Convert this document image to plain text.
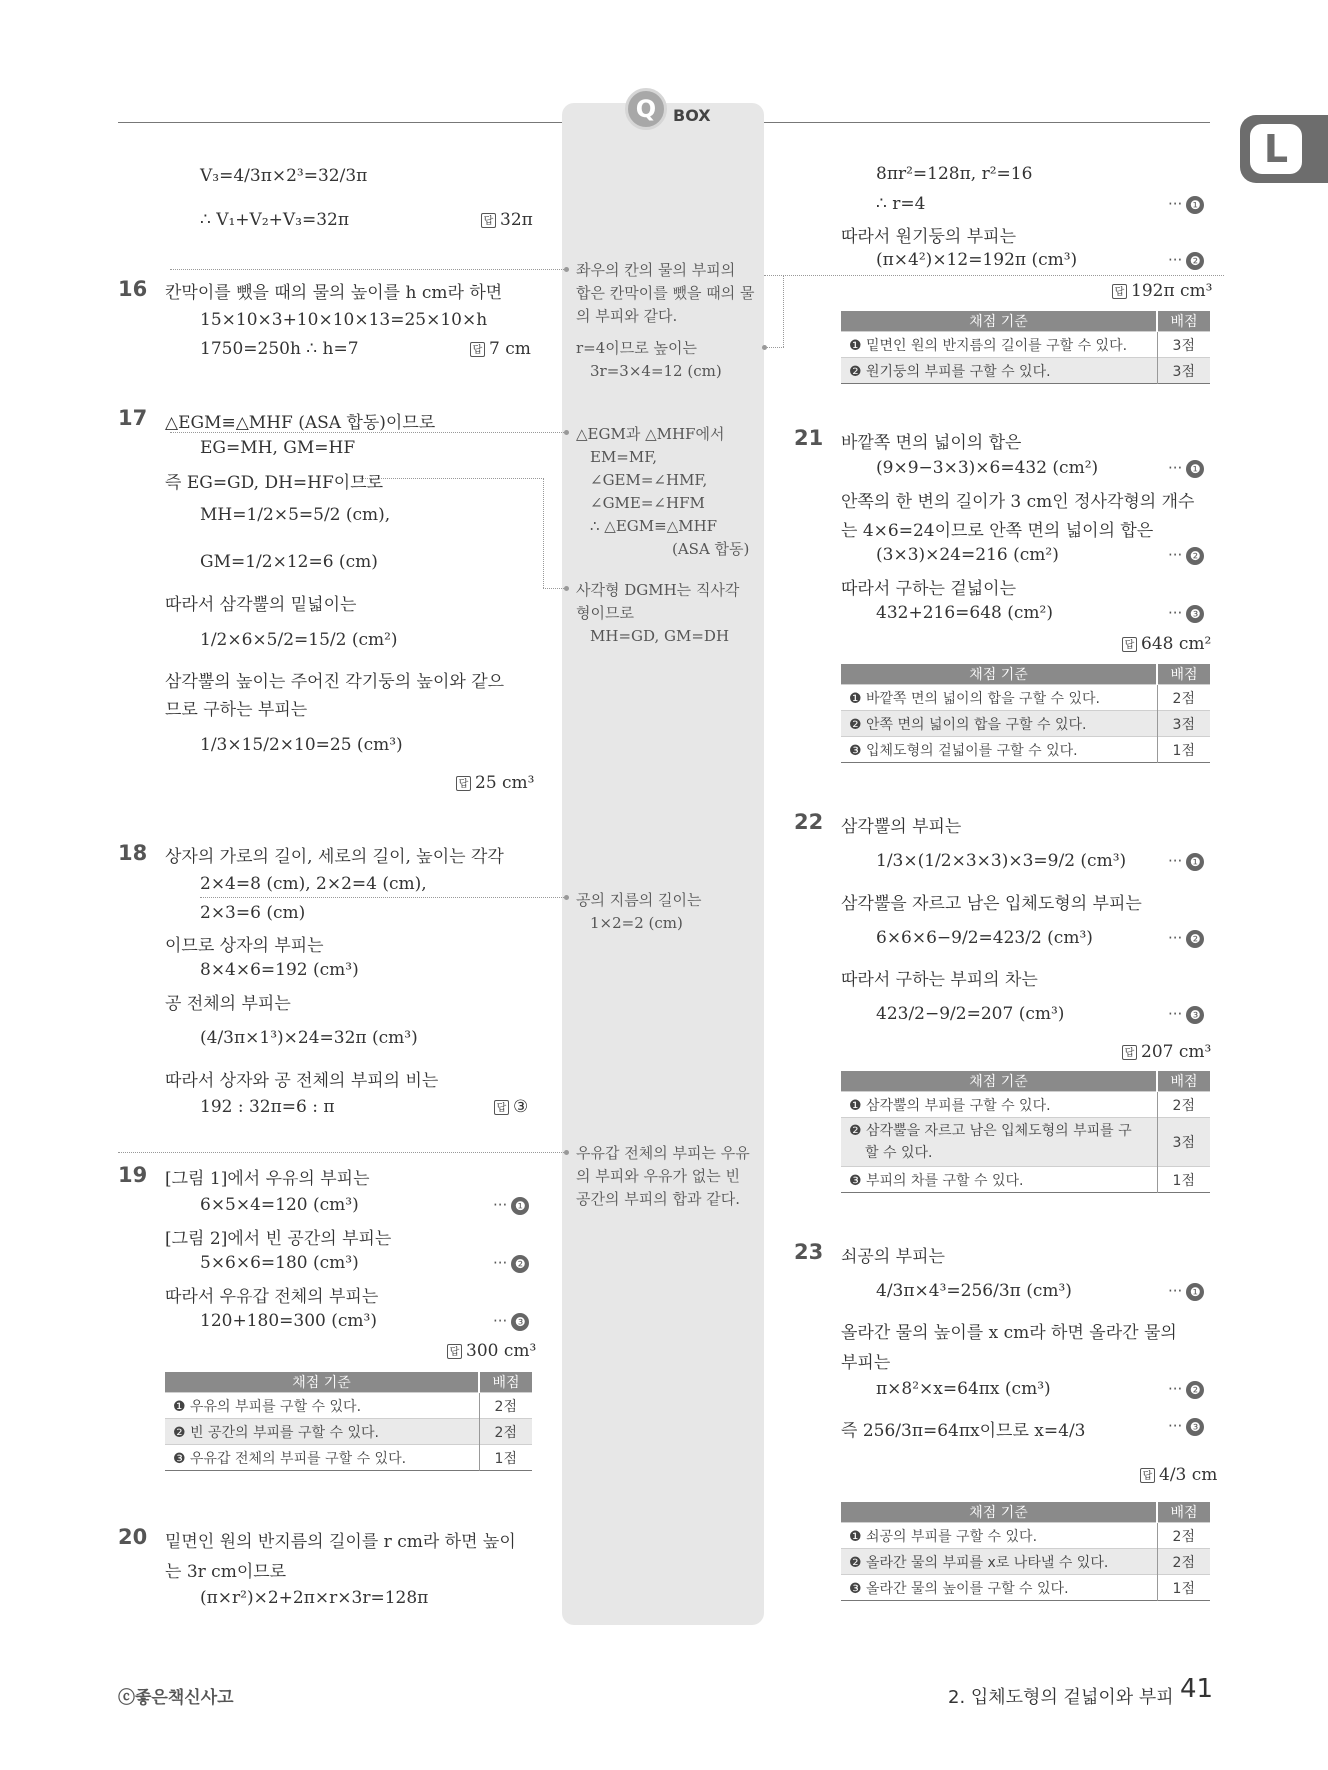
Q	BOX
L
V₃=4/3π×2³=32/3π
∴ V₁+V₂+V₃=32π	답 32π
16 칸막이를 뺐을 때의 물의 높이를 h cm라 하면
15×10×3+10×10×13=25×10×h
1750=250h ∴ h=7	답 7 cm
17 △EGM≡△MHF (ASA 합동)이므로
EG=MH, GM=HF
즉 EG=GD, DH=HF이므로
MH=1/2×5=5/2 (cm),
GM=1/2×12=6 (cm)
따라서 삼각뿔의 밑넓이는
1/2×6×5/2=15/2 (cm²)
삼각뿔의 높이는 주어진 각기둥의 높이와 같으
므로 구하는 부피는
1/3×15/2×10=25 (cm³)
답 25 cm³
18 상자의 가로의 길이, 세로의 길이, 높이는 각각
2×4=8 (cm), 2×2=4 (cm),
2×3=6 (cm)
이므로 상자의 부피는
8×4×6=192 (cm³)
공 전체의 부피는
(4/3π×1³)×24=32π (cm³)
따라서 상자와 공 전체의 부피의 비는
192 : 32π=6 : π	답 ③
19 [그림 1]에서 우유의 부피는
6×5×4=120 (cm³)	··· ❶
[그림 2]에서 빈 공간의 부피는
5×6×6=180 (cm³)	··· ❷
따라서 우유갑 전체의 부피는
120+180=300 (cm³)	··· ❸
답 300 cm³
채점 기준	배점
❶ 우유의 부피를 구할 수 있다.	2점
❷ 빈 공간의 부피를 구할 수 있다.	2점
❸ 우유갑 전체의 부피를 구할 수 있다.	1점
20 밑면인 원의 반지름의 길이를 r cm라 하면 높이
는 3r cm이므로
(π×r²)×2+2π×r×3r=128π
좌우의 칸의 물의 부피의
합은 칸막이를 뺐을 때의 물
의 부피와 같다.
r=4이므로 높이는
3r=3×4=12 (cm)
△EGM과 △MHF에서
EM=MF,
∠GEM=∠HMF,
∠GME=∠HFM
∴ △EGM≡△MHF
(ASA 합동)
사각형 DGMH는 직사각
형이므로
MH=GD, GM=DH
공의 지름의 길이는
1×2=2 (cm)
우유갑 전체의 부피는 우유
의 부피와 우유가 없는 빈
공간의 부피의 합과 같다.
8πr²=128π, r²=16
∴ r=4	··· ❶
따라서 원기둥의 부피는
(π×4²)×12=192π (cm³)	··· ❷
답 192π cm³
채점 기준	배점
❶ 밑면인 원의 반지름의 길이를 구할 수 있다.	3점
❷ 원기둥의 부피를 구할 수 있다.	3점
21 바깥쪽 면의 넓이의 합은
(9×9−3×3)×6=432 (cm²)	··· ❶
안쪽의 한 변의 길이가 3 cm인 정사각형의 개수
는 4×6=24이므로 안쪽 면의 넓이의 합은
(3×3)×24=216 (cm²)	··· ❷
따라서 구하는 겉넓이는
432+216=648 (cm²)	··· ❸
답 648 cm²
채점 기준	배점
❶ 바깥쪽 면의 넓이의 합을 구할 수 있다.	2점
❷ 안쪽 면의 넓이의 합을 구할 수 있다.	3점
❸ 입체도형의 겉넓이를 구할 수 있다.	1점
22 삼각뿔의 부피는
1/3×(1/2×3×3)×3=9/2 (cm³)	··· ❶
삼각뿔을 자르고 남은 입체도형의 부피는
6×6×6−9/2=423/2 (cm³)	··· ❷
따라서 구하는 부피의 차는
423/2−9/2=207 (cm³)	··· ❸
답 207 cm³
채점 기준	배점
❶ 삼각뿔의 부피를 구할 수 있다.	2점

❷ 삼각뿔을 자르고 남은 입체도형의 부피를 구
할 수 있다.	3점
❸ 부피의 차를 구할 수 있다.	1점
23 쇠공의 부피는
4/3π×4³=256/3π (cm³)	··· ❶
올라간 물의 높이를 x cm라 하면 올라간 물의
부피는
π×8²×x=64πx (cm³)	··· ❷
즉 256/3π=64πx이므로 x=4/3	··· ❸
답 4/3 cm
채점 기준	배점
❶ 쇠공의 부피를 구할 수 있다.	2점
❷ 올라간 물의 부피를 x로 나타낼 수 있다.	2점
❸ 올라간 물의 높이를 구할 수 있다.	1점
ⓒ좋은책신사고	2. 입체도형의 겉넓이와 부피 41
